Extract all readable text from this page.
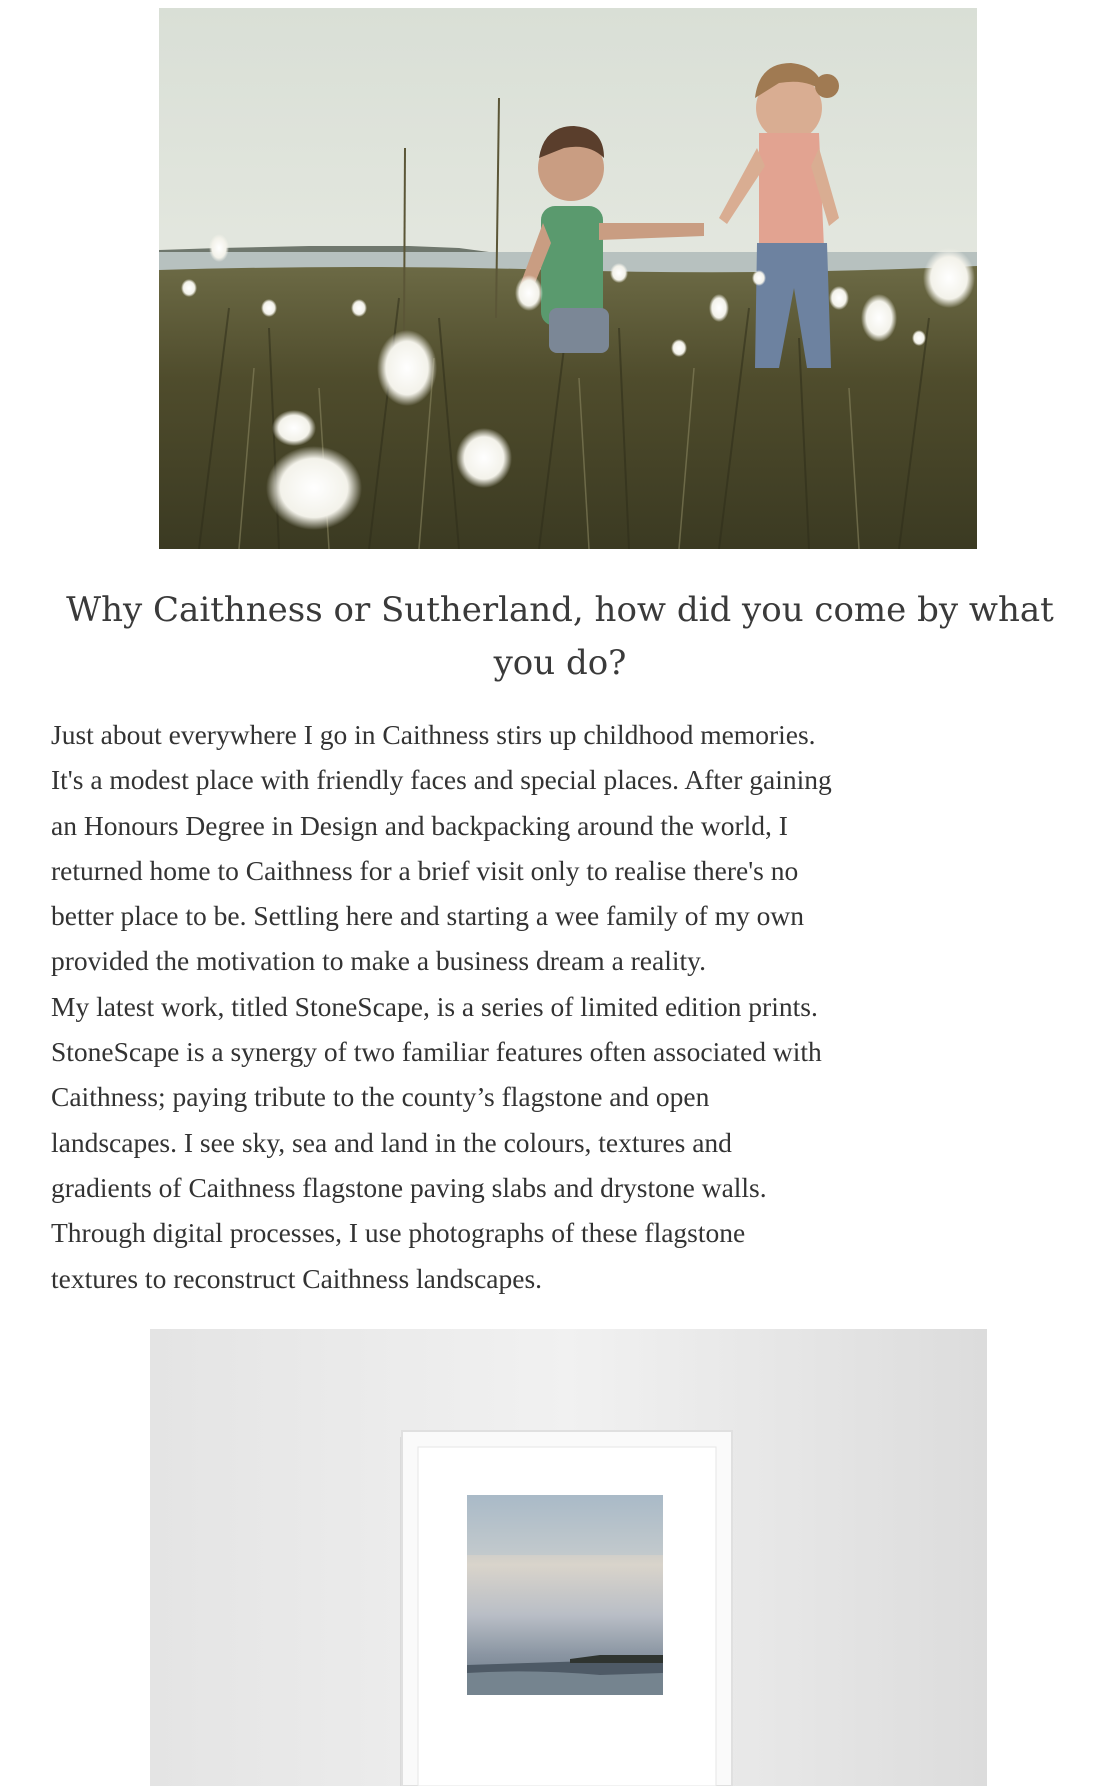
Why Caithness or Sutherland, how did you come by what
you do?
Just about everywhere I go in Caithness stirs up childhood memories.
It's a modest place with friendly faces and special places. After gaining
an Honours Degree in Design and backpacking around the world, I
returned home to Caithness for a brief visit only to realise there's no
better place to be. Settling here and starting a wee family of my own
provided the motivation to make a business dream a reality.
My latest work, titled StoneScape, is a series of limited edition prints.
StoneScape is a synergy of two familiar features often associated with
Caithness; paying tribute to the county’s flagstone and open
landscapes. I see sky, sea and land in the colours, textures and
gradients of Caithness flagstone paving slabs and drystone walls.
Through digital processes, I use photographs of these flagstone
textures to reconstruct Caithness landscapes.
